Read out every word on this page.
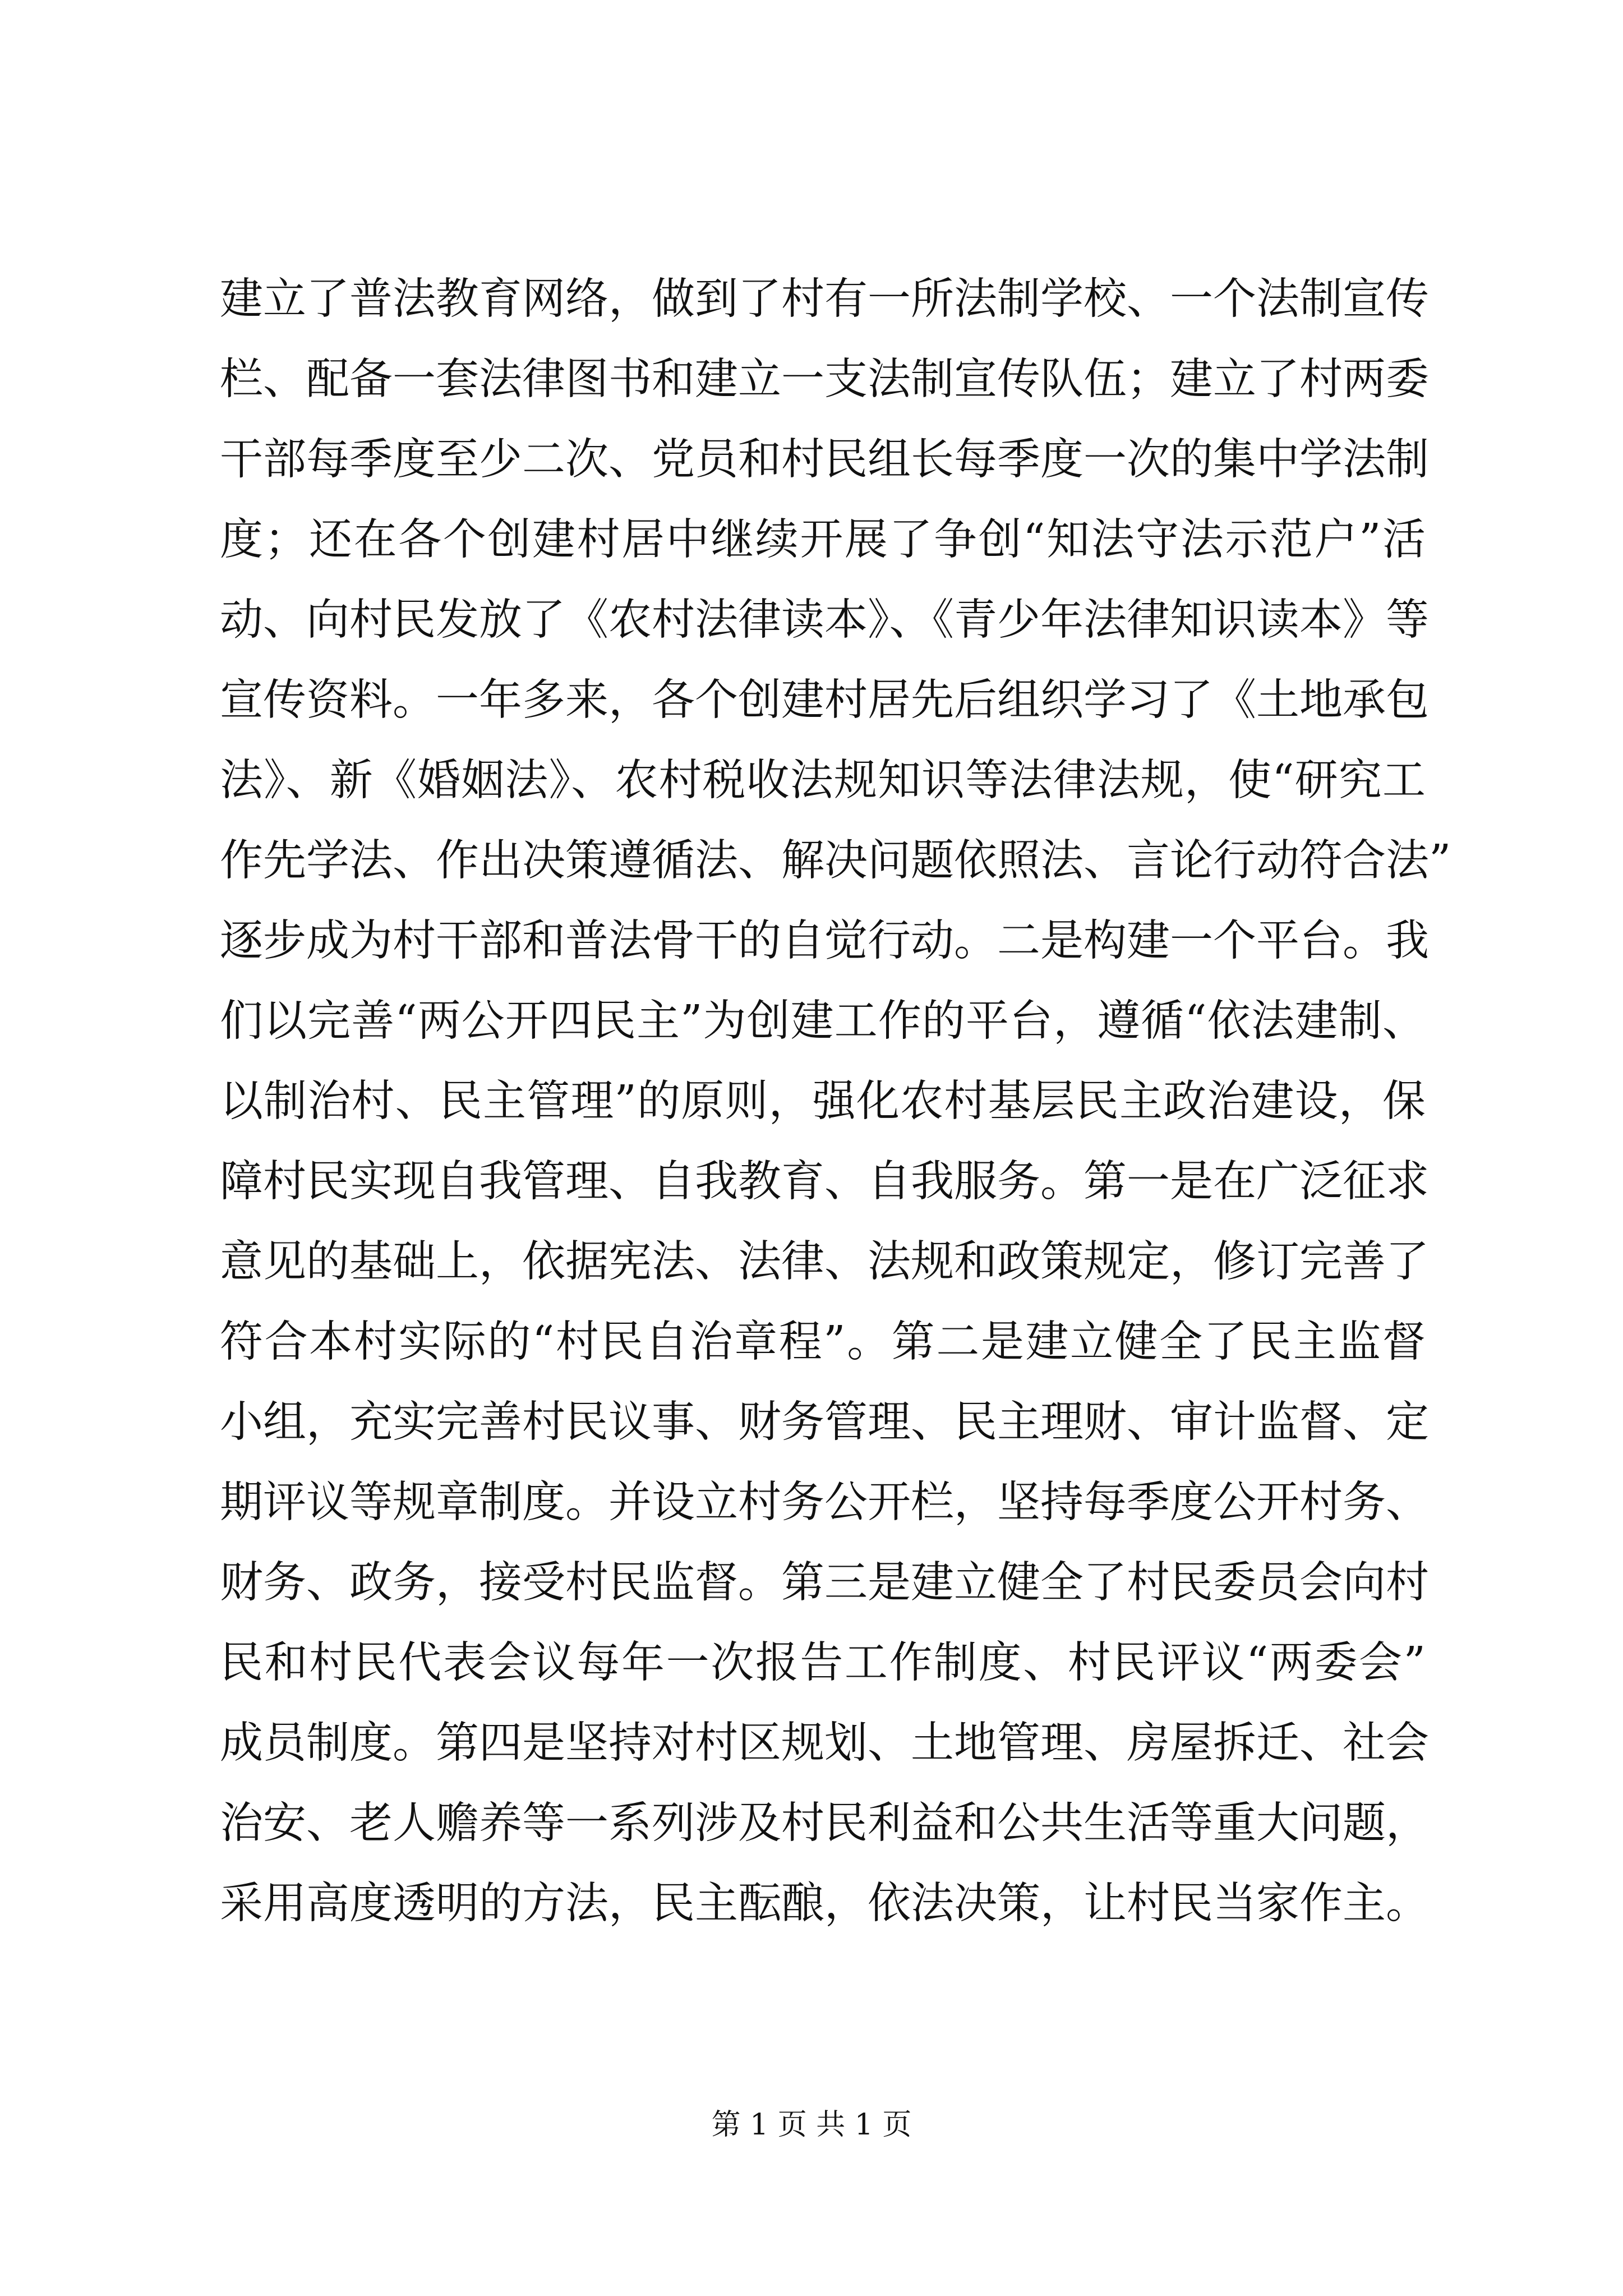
建立了普法教育网络，做到了村有一所法制学校、一个法制宣传
栏、配备一套法律图书和建立一支法制宣传队伍；建立了村两委
干部每季度至少二次、党员和村民组长每季度一次的集中学法制
度；还在各个创建村居中继续开展了争创“知法守法示范户”活
动、向村民发放了《农村法律读本》、《青少年法律知识读本》等
宣传资料。一年多来，各个创建村居先后组织学习了《土地承包
法》、新《婚姻法》、农村税收法规知识等法律法规，使“研究工
作先学法、作出决策遵循法、解决问题依照法、言论行动符合法”
逐步成为村干部和普法骨干的自觉行动。二是构建一个平台。我
们以完善“两公开四民主”为创建工作的平台，遵循“依法建制、
以制治村、民主管理”的原则，强化农村基层民主政治建设，保
障村民实现自我管理、自我教育、自我服务。第一是在广泛征求
意见的基础上，依据宪法、法律、法规和政策规定，修订完善了
符合本村实际的“村民自治章程”。第二是建立健全了民主监督
小组，充实完善村民议事、财务管理、民主理财、审计监督、定
期评议等规章制度。并设立村务公开栏，坚持每季度公开村务、
财务、政务，接受村民监督。第三是建立健全了村民委员会向村
民和村民代表会议每年一次报告工作制度、村民评议“两委会”
成员制度。第四是坚持对村区规划、土地管理、房屋拆迁、社会
治安、老人赡养等一系列涉及村民利益和公共生活等重大问题，
采用高度透明的方法，民主酝酿，依法决策，让村民当家作主。
第 1 页 共 1 页
